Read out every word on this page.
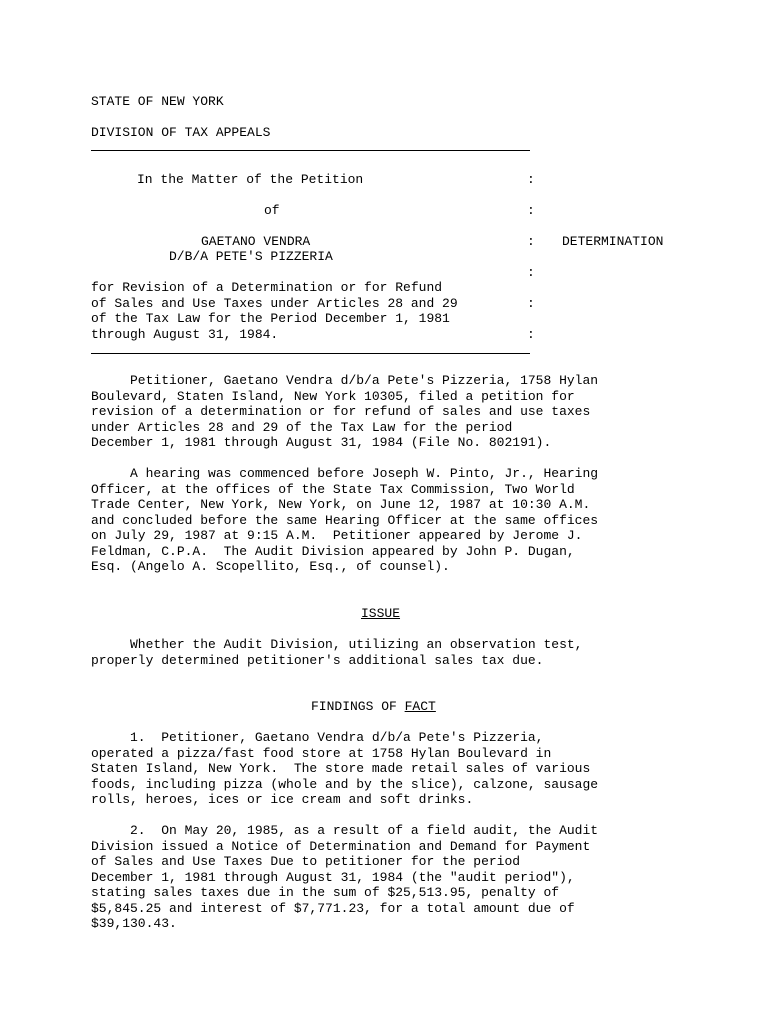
STATE OF NEW YORK
DIVISION OF TAX APPEALS
In the Matter of the Petition	:
of	:
GAETANO VENDRA	: DETERMINATION
D/B/A PETE'S PIZZERIA
:
for Revision of a Determination or for Refund
of Sales and Use Taxes under Articles 28 and 29	:
of the Tax Law for the Period December 1, 1981
through August 31, 1984.	:
Petitioner, Gaetano Vendra d/b/a Pete's Pizzeria, 1758 Hylan
Boulevard, Staten Island, New York 10305, filed a petition for
revision of a determination or for refund of sales and use taxes
under Articles 28 and 29 of the Tax Law for the period
December 1, 1981 through August 31, 1984 (File No. 802191).
A hearing was commenced before Joseph W. Pinto, Jr., Hearing
Officer, at the offices of the State Tax Commission, Two World
Trade Center, New York, New York, on June 12, 1987 at 10:30 A.M.
and concluded before the same Hearing Officer at the same offices
on July 29, 1987 at 9:15 A.M.  Petitioner appeared by Jerome J.
Feldman, C.P.A.  The Audit Division appeared by John P. Dugan,
Esq. (Angelo A. Scopellito, Esq., of counsel).
ISSUE
Whether the Audit Division, utilizing an observation test,
properly determined petitioner's additional sales tax due.
FINDINGS OF FACT
1.  Petitioner, Gaetano Vendra d/b/a Pete's Pizzeria,
operated a pizza/fast food store at 1758 Hylan Boulevard in
Staten Island, New York.  The store made retail sales of various
foods, including pizza (whole and by the slice), calzone, sausage
rolls, heroes, ices or ice cream and soft drinks.
2.  On May 20, 1985, as a result of a field audit, the Audit
Division issued a Notice of Determination and Demand for Payment
of Sales and Use Taxes Due to petitioner for the period
December 1, 1981 through August 31, 1984 (the "audit period"),
stating sales taxes due in the sum of $25,513.95, penalty of
$5,845.25 and interest of $7,771.23, for a total amount due of
$39,130.43.
